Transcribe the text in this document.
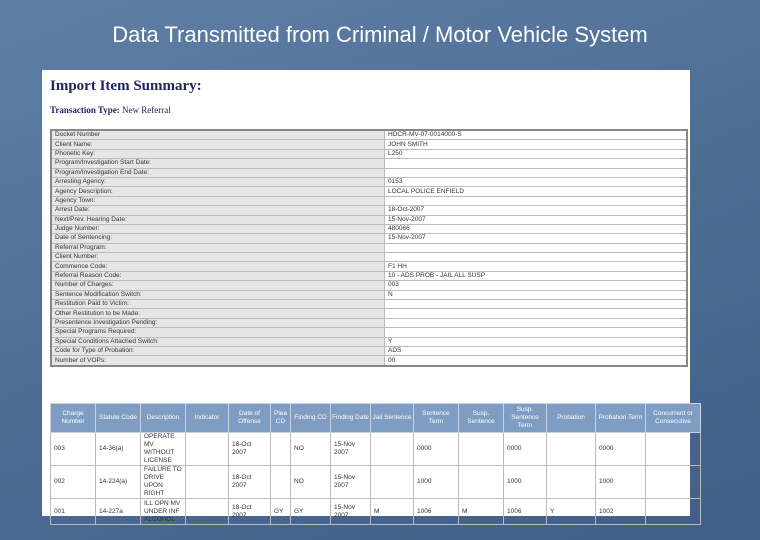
Data Transmitted from Criminal / Motor Vehicle System
Import Item Summary:
Transaction Type: New Referral
Docket Number	HDCR-MV-07-0014000-S
Client Name:	JOHN SMITH
Phonetic Key:	L250
Program/Investigation Start Date:	
Program/Investigation End Date:	
Arresting Agency:	0153
Agency Description:	LOCAL POLICE ENFIELD
Agency Town:	
Arrest Date:	18-Oct-2007
Next/Prev. Hearing Date:	15-Nov-2007
Judge Number:	480066
Date of Sentencing:	15-Nov-2007
Referral Program:	
Client Number:	
Commence Code:	F1 HH
Referral Reason Code:	10 - ADS PROB - JAIL ALL SUSP
Number of Charges:	003
Sentence Modification Switch:	N
Restitution Paid to Victim:	
Other Restitution to be Made:	
Presentence Investigation Pending:	
Special Programs Required:	
Special Conditions Attached Switch:	Y
Code for Type of Probation:	ADS
Number of VOPs:	00
Charge Number	Statute Code	Description	Indicator	Date of Offense	Plea CD	Finding CD	Finding Date	Jail Sentence	Sentence Term	Susp. Sentence	Susp. Sentence Term	Probation	Probation Term	Concurrent or Consecutive
003	14-36(a)	OPERATE MV WITHOUT LICENSE		18-Oct 2007		NO	15-Nov 2007		0000		0000		0000	
002	14-224(a)	FAILURE TO DRIVE UPON RIGHT		18-Oct 2007		NO	15-Nov 2007		1000		1000		1000	
001	14-227a	ILL OPN MV UNDER INF ALCOHOL		18-Oct 2007	GY	GY	15-Nov 2007	M	1006	M	1006	Y	1002	
